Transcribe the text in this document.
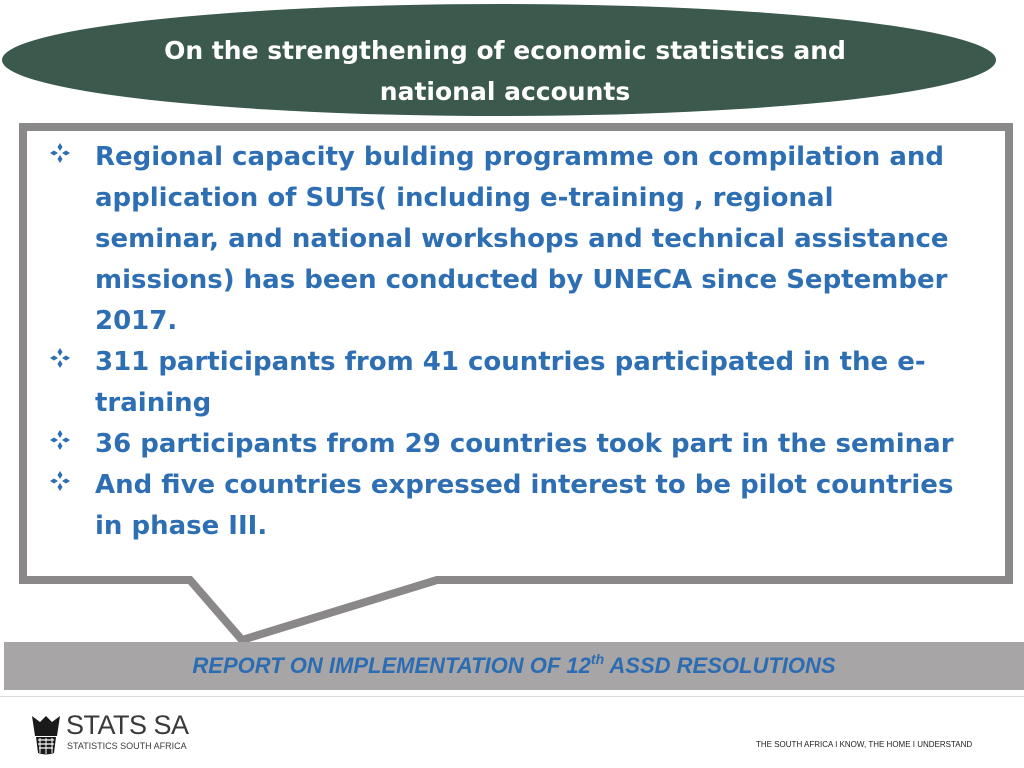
On the strengthening of economic statistics and
national accounts
Regional capacity bulding programme on compilation and
application of SUTs( including e-training , regional
seminar, and national workshops and technical assistance
missions) has been conducted by UNECA since September
2017.
311 participants from 41 countries participated in the e-
training
36 participants from 29 countries took part in the seminar
And five countries expressed interest to be pilot countries
in phase III.
REPORT ON IMPLEMENTATION OF 12th ASSD RESOLUTIONS
STATS SA
STATISTICS SOUTH AFRICA	THE SOUTH AFRICA I KNOW, THE HOME I UNDERSTAND
